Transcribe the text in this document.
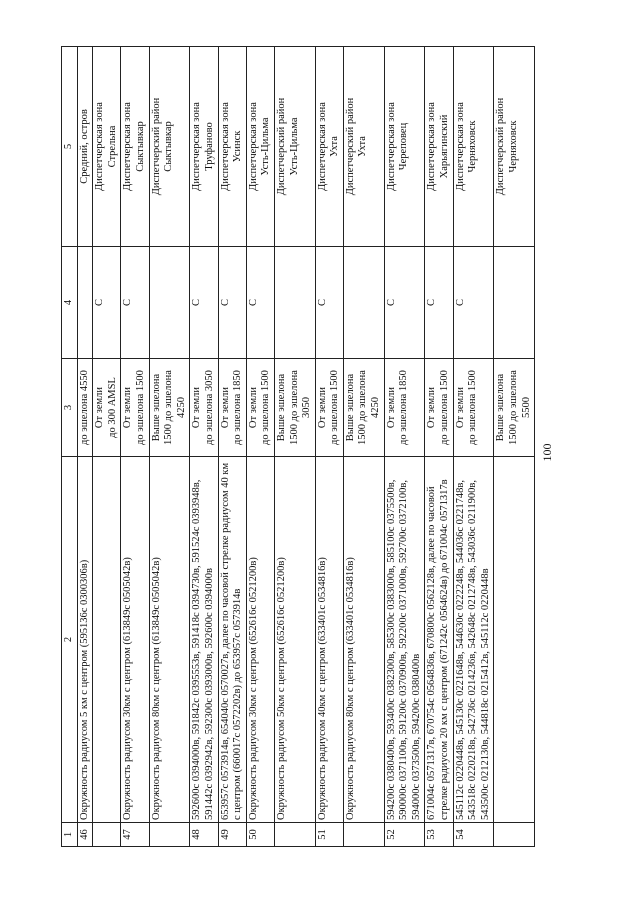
100
1	2	3	4	5
46	Окружность радиусом 5 км с центром (595136с 0300306в)	до эшелона 4550		Средний, остров

		От земли до 300 AMSL	C	Диспетчерская зона Стрельна

47	Окружность радиусом 30км с центром (613849с 0505042в)	От земли до эшелона 1500	C	Диспетчерская зона Сыктывкар

	Окружность радиусом 80км с центром (613849с 0505042в)	Выше эшелона 1500 до эшелона 4250		Диспетчерский район Сыктывкар

48	592600с 0394000в, 591842с 0395553в, 591418с 0394730в, 591524с 0393948в, 591442с 0392942в, 592300с 0393000в, 592600с 0394000в	От земли до эшелона 3050	C	Диспетчерская зона Труфаново

49	653957с 0573914в, 654040с 0570027в, далее по часовой стрелке радиусом 40 км с центром (660017с 0572202в) до 653957с 0573914в	От земли до эшелона 1850	C	Диспетчерская зона Усинск

50	Окружность радиусом 30км с центром (652616с 0521200в)	От земли до эшелона 1500	C	Диспетчерская зона Усть-Цильма

	Окружность радиусом 50км с центром (652616с 0521200в)	Выше эшелона 1500 до эшелона 3050		Диспетчерский район Усть-Цильма

51	Окружность радиусом 40км с центром (633401с 0534816в)	От земли до эшелона 1500	C	Диспетчерская зона Ухта

	Окружность радиусом 80км с центром (633401с 0534816в)	Выше эшелона 1500 до эшелона 4250		Диспетчерский район Ухта

52	594200с 0380400в, 593400с 0382300в, 585300с 0383000в, 585100с 0375500в, 590000с 0371100в, 591200с 0370900в, 592200с 0371000в, 592700с 0372100в, 594000с 0373500в, 594200с 0380400в	От земли до эшелона 1850	C	Диспетчерская зона Череповец

53	671004с 0571317в, 670754с 0564836в, 670800с 0562128в, далее по часовой стрелке радиусом 20 км с центром (671242с 0564624в) до 671004с 0571317в	От земли до эшелона 1500	C	Диспетчерская зона Харьягинский

54	545112с 0220448в, 545130с 0221648в, 544630с 0222248в, 544036с 0221748в, 543518с 0220218в, 542736с 0214236в, 542648с 0212748в, 543036с 0211900в, 543500с 0212130в, 544818с 0215412в, 545112с 0220448в	От земли до эшелона 1500	C	Диспетчерская зона Черняховск

		Выше эшелона 1500 до эшелона 5500		Диспетчерский район Черняховск
